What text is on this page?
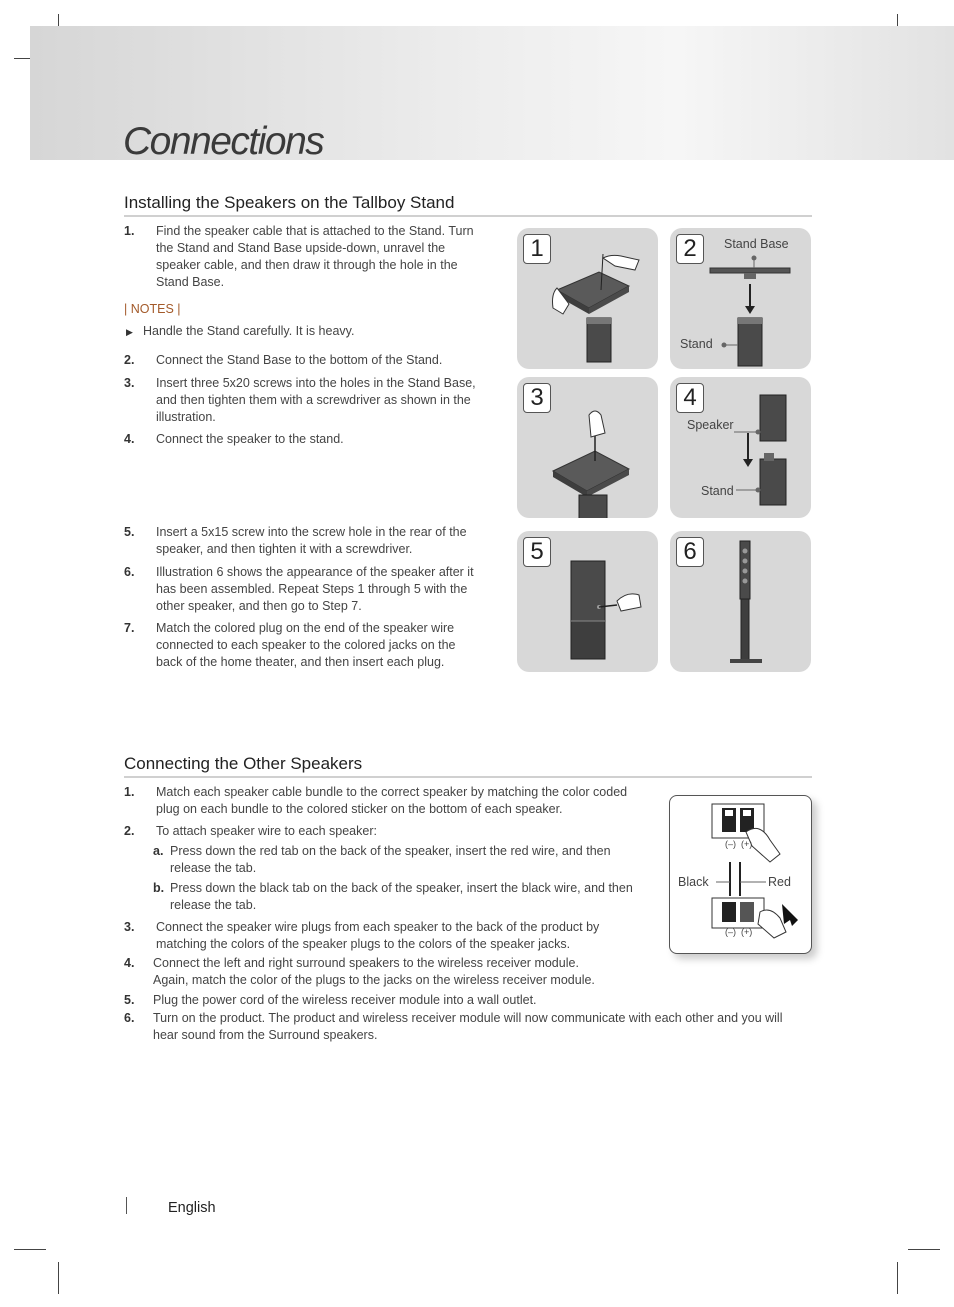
Connections
Installing the Speakers on the Tallboy Stand
1. Find the speaker cable that is attached to the Stand. Turn
the Stand and Stand Base upside-down, unravel the
speaker cable, and then draw it through the hole in the
Stand Base.
| NOTES |
▶ Handle the Stand carefully. It is heavy.
2. Connect the Stand Base to the bottom of the Stand.
3. Insert three 5x20 screws into the holes in the Stand Base,
and then tighten them with a screwdriver as shown in the
illustration.
4. Connect the speaker to the stand.
5. Insert a 5x15 screw into the screw hole in the rear of the
speaker, and then tighten it with a screwdriver.
6. Illustration 6 shows the appearance of the speaker after it
has been assembled. Repeat Steps 1 through 5 with the
other speaker, and then go to Step 7.
7. Match the colored plug on the end of the speaker wire
connected to each speaker to the colored jacks on the
back of the home theater, and then insert each plug.
1	2	Stand Base
Stand
3	4
Speaker
Stand
5	6
Connecting the Other Speakers
1. Match each speaker cable bundle to the correct speaker by matching the color coded
plug on each bundle to the colored sticker on the bottom of each speaker.
2. To attach speaker wire to each speaker:
a. Press down the red tab on the back of the speaker, insert the red wire, and then
release the tab.
b. Press down the black tab on the back of the speaker, insert the black wire, and then
release the tab.
3. Connect the speaker wire plugs from each speaker to the back of the product by
matching the colors of the speaker plugs to the colors of the speaker jacks.
4. Connect the left and right surround speakers to the wireless receiver module.
Again, match the color of the plugs to the jacks on the wireless receiver module.
5. Plug the power cord of the wireless receiver module into a wall outlet.
6. Turn on the product. The product and wireless receiver module will now communicate with each other and you will
hear sound from the Surround speakers.
(–) (+)
Black	Red
(–) (+)
English
